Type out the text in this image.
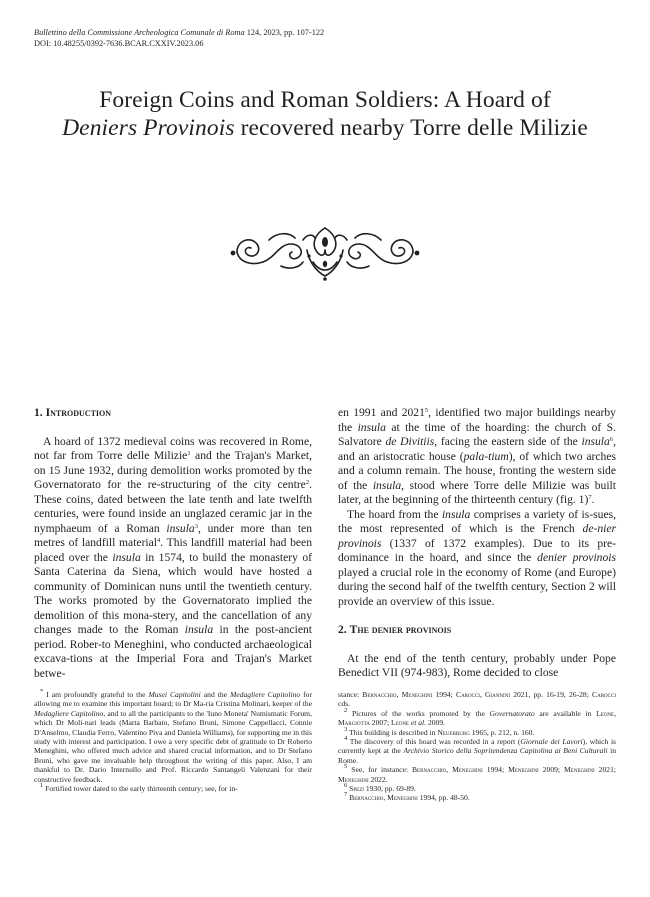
Bullettino della Commissione Archeologica Comunale di Roma 124, 2023, pp. 107-122
DOI: 10.48255/0392-7636.BCAR.CXXIV.2023.06
Foreign Coins and Roman Soldiers: A Hoard of
Deniers Provinois recovered nearby Torre delle Milizie
1. Introduction

A hoard of 1372 medieval coins was recovered in Rome, not far from Torre delle Milizie$^1$ and the Trajan's Market, on 15 June 1932, during demolition works promoted by the Governatorato for the re-structuring of the city centre$^2$. These coins, dated between the late tenth and late twelfth centuries, were found inside an unglazed ceramic jar in the nymphaeum of a Roman insula$^3$, under more than ten metres of landfill material$^4$. This landfill material had been placed over the insula in 1574, to build the monastery of Santa Caterina da Siena, which would have hosted a community of Dominican nuns until the twentieth century. The works promoted by the Governatorato implied the demolition of this mona-stery, and the cancellation of any changes made to the Roman insula in the post-ancient period. Rober-to Meneghini, who conducted archaeological excava-tions at the Imperial Fora and Trajan's Market betwe-

en 1991 and 2021$^5$, identified two major buildings nearby the insula at the time of the hoarding: the church of S. Salvatore de Divitiis, facing the eastern side of the insula$^6$, and an aristocratic house (pala-tium), of which two arches and a column remain. The house, fronting the western side of the insula, stood where Torre delle Milizie was built later, at the beginning of the thirteenth century (fig. 1)$^7$.

The hoard from the insula comprises a variety of is-sues, the most represented of which is the French de-nier provinois (1337 of 1372 examples). Due to its pre-dominance in the hoard, and since the denier provinois played a crucial role in the economy of Rome (and Europe) during the second half of the twelfth century, Section 2 will provide an overview of this issue.

2. The denier provinois

At the end of the tenth century, probably under Pope Benedict VII (974-983), Rome decided to close

* I am profoundly grateful to the Musei Capitolini and the Medagliere Capitolino for allowing me to examine this important hoard; to Dr Ma-ria Cristina Molinari, keeper of the Medagliere Capitolino, and to all the participants to the 'Iuno Moneta' Numismatic Forum, which Dr Moli-nari leads (Marta Barbato, Stefano Bruni, Simone Cappellacci, Connie D'Anselmo, Claudia Ferro, Valentino Piva and Daniela Williams), for supporting me in this study with interest and participation. I owe a very specific debt of gratitude to Dr Roberto Meneghini, who offered much advice and shared crucial information, and to Dr Stefano Bruni, who gave me invaluable help throughout the writing of this paper. Also, I am thankful to Dr. Dario Internullo and Prof. Riccardo Santangeli Valenzani for their constructive feedback.

$^1$ Fortified tower dated to the early thirteenth century; see, for in-

stance: Bernacchio, Meneghini 1994; Carocci, Giannini 2021, pp. 16-19, 26-28; Carocci cds.

$^2$ Pictures of the works promoted by the Governatorato are available in Leone, Margiotta 2007; Leone et al. 2009.

$^3$ This building is described in Neuerburg 1965, p. 212, n. 160.

$^4$ The discovery of this hoard was recorded in a report (Giornale dei Lavori), which is currently kept at the Archivio Storico della Sopritendenza Capitolina ai Beni Culturali in Rome.

$^5$ See, for instance: Bernacchio, Meneghini 1994; Meneghini 2009; Meneghini 2021; Meneghini 2022.

$^6$ Spezi 1930, pp. 69-89.

$^7$ Bernacchio, Meneghini 1994, pp. 48-50.
